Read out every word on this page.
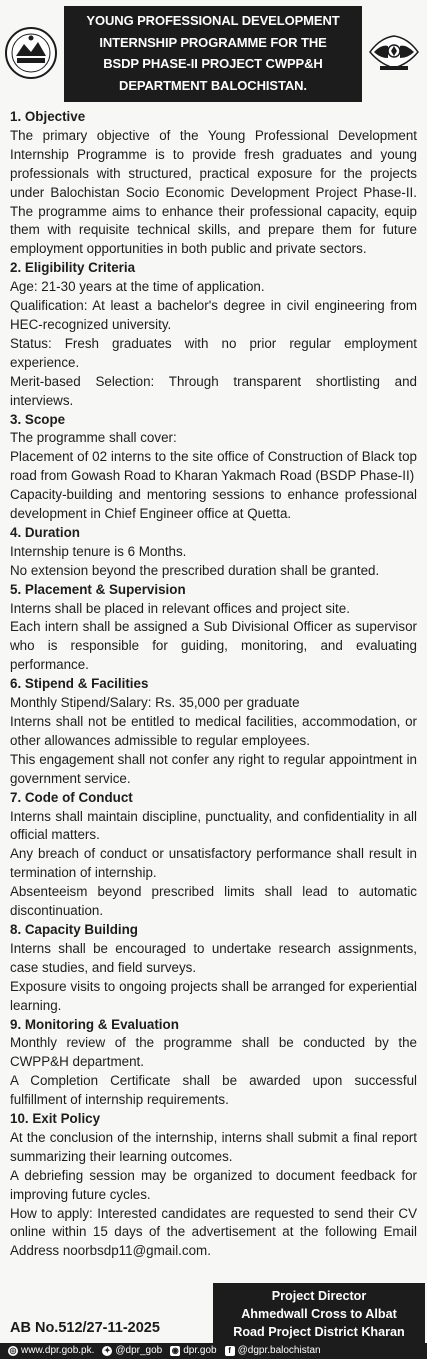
YOUNG PROFESSIONAL DEVELOPMENT
INTERNSHIP PROGRAMME FOR THE
BSDP PHASE-II PROJECT CWPP&H
DEPARTMENT BALOCHISTAN.
1. Objective

The primary objective of the Young Professional Development Internship Programme is to provide fresh graduates and young professionals with structured, practical exposure for the projects under Balochistan Socio Economic Development Project Phase-II. The programme aims to enhance their professional capacity, equip them with requisite technical skills, and prepare them for future employment opportunities in both public and private sectors.

2. Eligibility Criteria

Age: 21-30 years at the time of application.

Qualification: At least a bachelor's degree in civil engineering from HEC-recognized university.

Status: Fresh graduates with no prior regular employment experience.

Merit-based Selection: Through transparent shortlisting and interviews.

3. Scope

The programme shall cover:

Placement of 02 interns to the site office of Construction of Black top road from Gowash Road to Kharan Yakmach Road (BSDP Phase-II)

Capacity-building and mentoring sessions to enhance professional development in Chief Engineer office at Quetta.

4. Duration

Internship tenure is 6 Months.

No extension beyond the prescribed duration shall be granted.

5. Placement & Supervision

Interns shall be placed in relevant offices and project site.

Each intern shall be assigned a Sub Divisional Officer as supervisor who is responsible for guiding, monitoring, and evaluating performance.

6. Stipend & Facilities

Monthly Stipend/Salary: Rs. 35,000 per graduate

Interns shall not be entitled to medical facilities, accommodation, or other allowances admissible to regular employees.

This engagement shall not confer any right to regular appointment in government service.

7. Code of Conduct

Interns shall maintain discipline, punctuality, and confidentiality in all official matters.

Any breach of conduct or unsatisfactory performance shall result in termination of internship.

Absenteeism beyond prescribed limits shall lead to automatic discontinuation.

8. Capacity Building

Interns shall be encouraged to undertake research assignments, case studies, and field surveys.

Exposure visits to ongoing projects shall be arranged for experiential learning.

9. Monitoring & Evaluation

Monthly review of the programme shall be conducted by the CWPP&H department.

A Completion Certificate shall be awarded upon successful fulfillment of internship requirements.

10. Exit Policy

At the conclusion of the internship, interns shall submit a final report summarizing their learning outcomes.

A debriefing session may be organized to document feedback for improving future cycles.

How to apply: Interested candidates are requested to send their CV online within 15 days of the advertisement at the following Email Address noorbsdp11@gmail.com.

AB No.512/27-11-2025
Project Director
Ahmedwall Cross to Albat
Road Project District Kharan
◎ www.dpr.gob.pk. ✦ @dpr_gob ◉ dpr.gob	f @dgpr.balochistan
